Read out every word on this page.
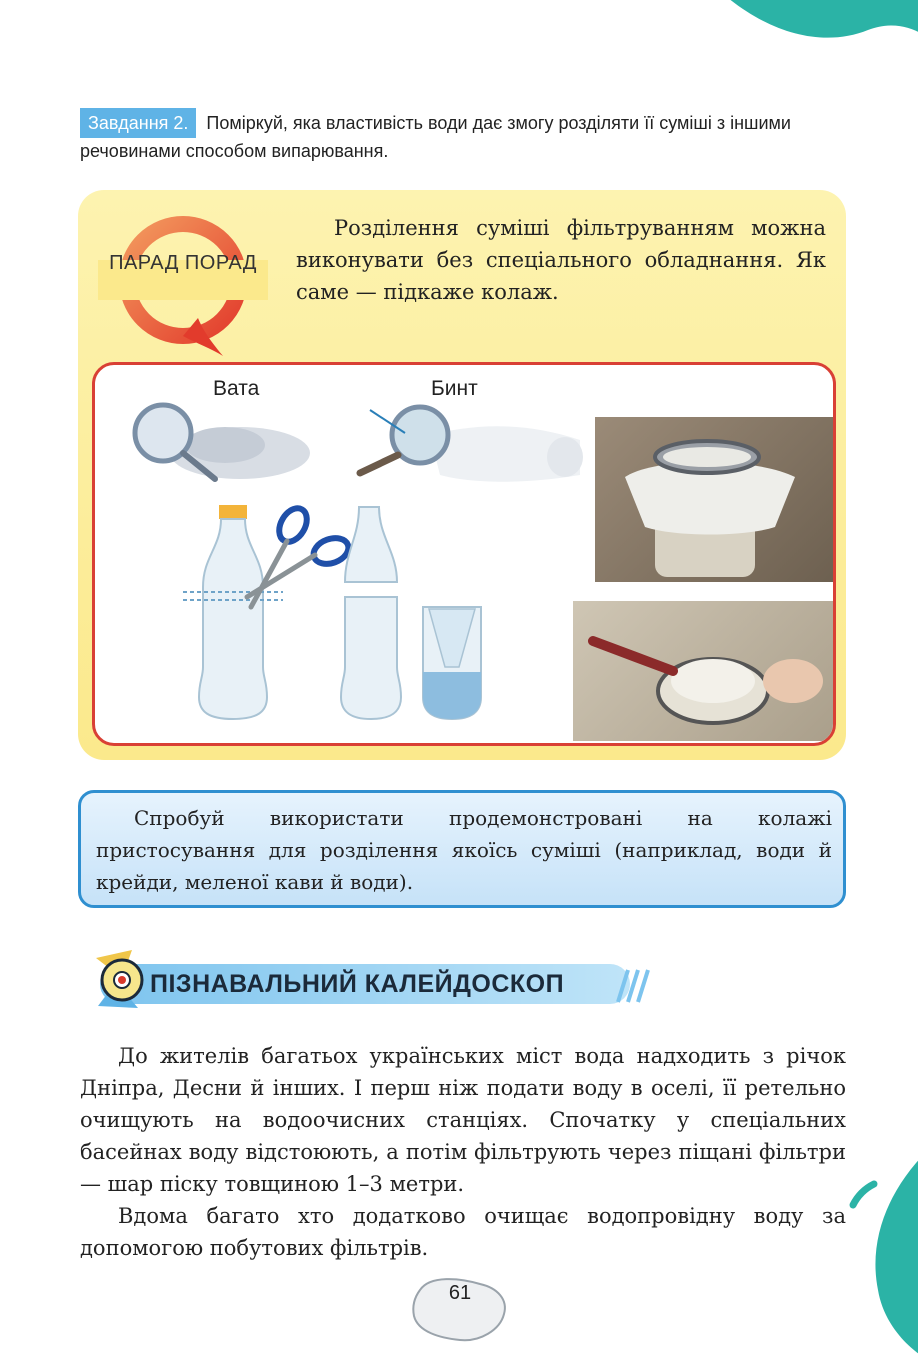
Завдання 2. Поміркуй, яка властивість води дає змогу розділяти її суміші з іншими речовинами способом випарювання.
ПАРАД ПОРАД

Розділення суміші фільтруванням можна виконувати без спеціального обладнання. Як саме — підкаже колаж.

Вата	Бинт

Спробуй використати продемонстровані на колажі пристосування для розділення якоїсь суміші (наприклад, води й крейди, меленої кави й води).

ПІЗНАВАЛЬНИЙ КАЛЕЙДОСКОП

До жителів багатьох українських міст вода надходить з річок Дніпра, Десни й інших. І перш ніж подати воду в оселі, її ретельно очищують на водоочисних станціях. Спочатку у спеціальних басейнах воду відстоюють, а потім фільтрують через піщані фільтри — шар піску товщиною 1–3 метри.

Вдома багато хто додатково очищає водопровідну воду за допомогою побутових фільтрів.

61
